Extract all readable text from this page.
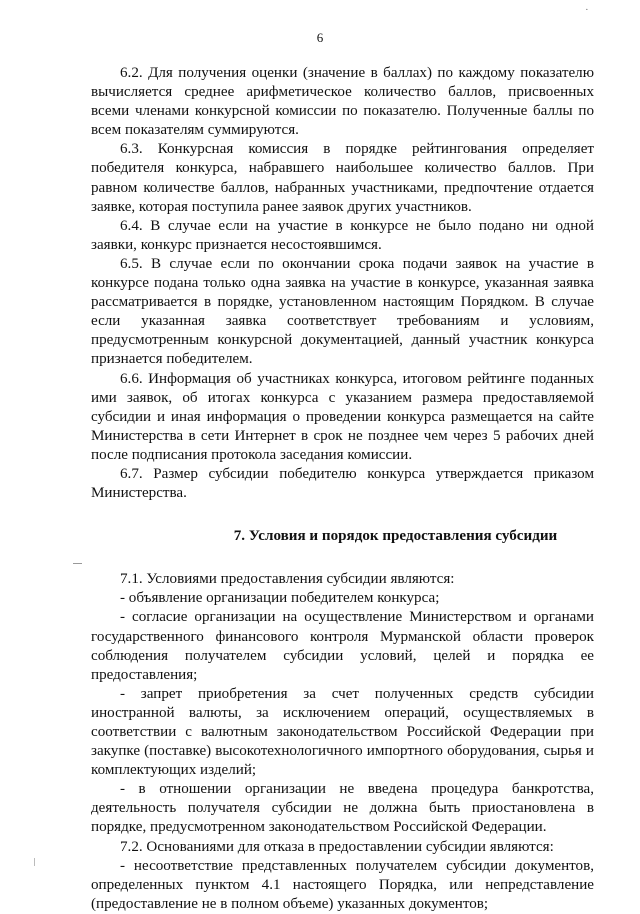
·
6

6.2. Для получения оценки (значение в баллах) по каждому показателю вычисляется среднее арифметическое количество баллов, присвоенных всеми членами конкурсной комиссии по показателю. Полученные баллы по всем показателям суммируются.

6.3. Конкурсная комиссия в порядке рейтингования определяет победителя конкурса, набравшего наибольшее количество баллов. При равном количестве баллов, набранных участниками, предпочтение отдается заявке, которая поступила ранее заявок других участников.

6.4. В случае если на участие в конкурсе не было подано ни одной заявки, конкурс признается несостоявшимся.

6.5. В случае если по окончании срока подачи заявок на участие в конкурсе подана только одна заявка на участие в конкурсе, указанная заявка рассматривается в порядке, установленном настоящим Порядком. В случае если указанная заявка соответствует требованиям и условиям, предусмотренным конкурсной документацией, данный участник конкурса признается победителем.

6.6. Информация об участниках конкурса, итоговом рейтинге поданных ими заявок, об итогах конкурса с указанием размера предоставляемой субсидии и иная информация о проведении конкурса размещается на сайте Министерства в сети Интернет в срок не позднее чем через 5 рабочих дней после подписания протокола заседания комиссии.

6.7. Размер субсидии победителю конкурса утверждается приказом Министерства.

7. Условия и порядок предоставления субсидии

7.1. Условиями предоставления субсидии являются:

- объявление организации победителем конкурса;

- согласие организации на осуществление Министерством и органами государственного финансового контроля Мурманской области проверок соблюдения получателем субсидии условий, целей и порядка ее предоставления;

- запрет приобретения за счет полученных средств субсидии иностранной валюты, за исключением операций, осуществляемых в соответствии с валютным законодательством Российской Федерации при закупке (поставке) высокотехнологичного импортного оборудования, сырья и комплектующих изделий;

- в отношении организации не введена процедура банкротства, деятельность получателя субсидии не должна быть приостановлена в порядке, предусмотренном законодательством Российской Федерации.

7.2. Основаниями для отказа в предоставлении субсидии являются:

- несоответствие представленных получателем субсидии документов, определенных пунктом 4.1 настоящего Порядка, или непредставление (предоставление не в полном объеме) указанных документов;
